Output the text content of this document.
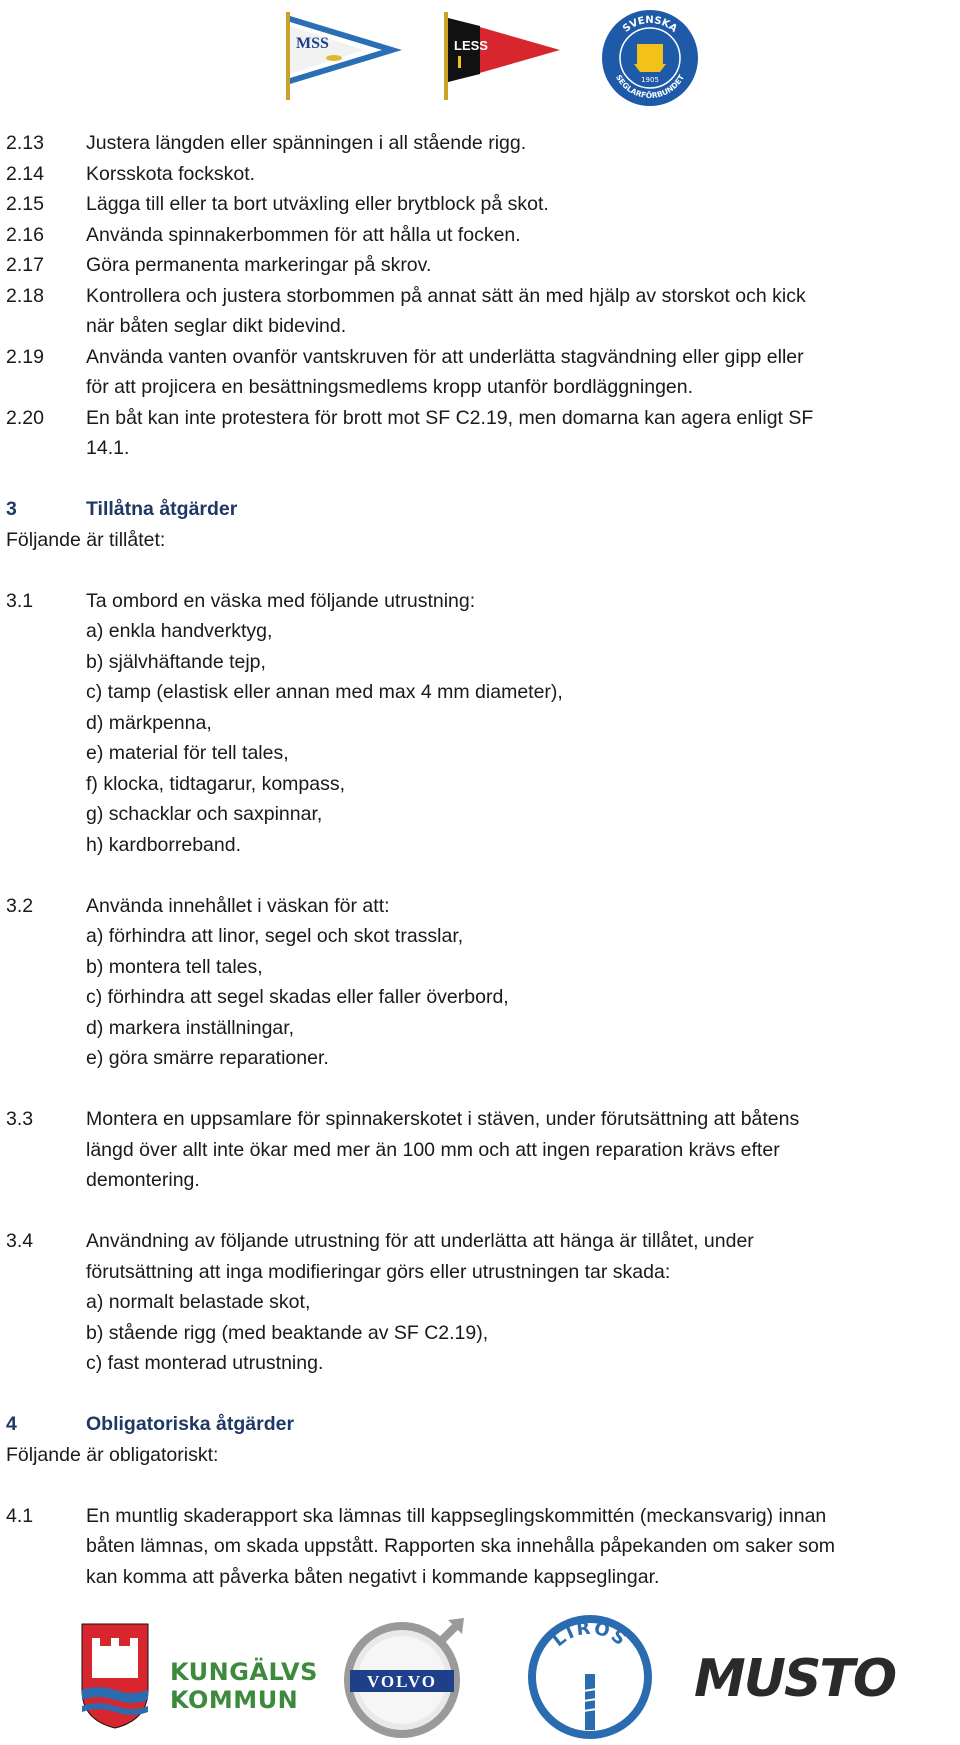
MSS	LESS
SVENSKA
SEGLARFÖRBUNDET
1905
2.13	Justera längden eller spänningen i all stående rigg.
2.14	Korsskota fockskot.
2.15	Lägga till eller ta bort utväxling eller brytblock på skot.
2.16	Använda spinnakerbommen för att hålla ut focken.
2.17	Göra permanenta markeringar på skrov.
2.18	Kontrollera och justera storbommen på annat sätt än med hjälp av storskot och kick
när båten seglar dikt bidevind.
2.19	Använda vanten ovanför vantskruven för att underlätta stagvändning eller gipp eller
för att projicera en besättningsmedlems kropp utanför bordläggningen.
2.20	En båt kan inte protestera för brott mot SF C2.19, men domarna kan agera enligt SF
14.1.
3	Tillåtna åtgärder
Följande är tillåtet:
3.1	Ta ombord en väska med följande utrustning:
a) enkla handverktyg,
b) självhäftande tejp,
c) tamp (elastisk eller annan med max 4 mm diameter),
d) märkpenna,
e) material för tell tales,
f) klocka, tidtagarur, kompass,
g) schacklar och saxpinnar,
h) kardborreband.
3.2	Använda innehållet i väskan för att:
a) förhindra att linor, segel och skot trasslar,
b) montera tell tales,
c) förhindra att segel skadas eller faller överbord,
d) markera inställningar,
e) göra smärre reparationer.
3.3	Montera en uppsamlare för spinnakerskotet i stäven, under förutsättning att båtens
längd över allt inte ökar med mer än 100 mm och att ingen reparation krävs efter
demontering.
3.4	Användning av följande utrustning för att underlätta att hänga är tillåtet, under
förutsättning att inga modifieringar görs eller utrustningen tar skada:
a) normalt belastade skot,
b) stående rigg (med beaktande av SF C2.19),
c) fast monterad utrustning.
4	Obligatoriska åtgärder
Följande är obligatoriskt:
4.1	En muntlig skaderapport ska lämnas till kappseglingskommittén (meckansvarig) innan
båten lämnas, om skada uppstått. Rapporten ska innehålla påpekanden om saker som
kan komma att påverka båten negativt i kommande kappseglingar.
KUNGÄLVS
KOMMUN
VOLVO
LIROS
MUSTO
